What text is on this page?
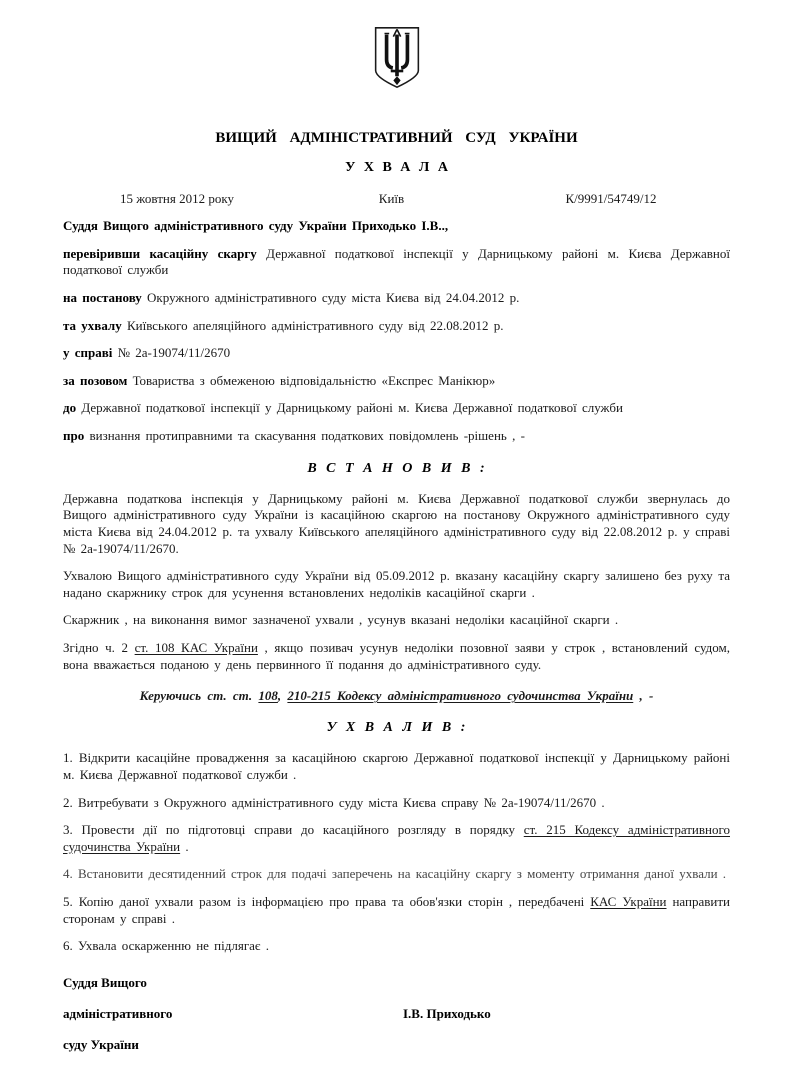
ВИЩИЙ АДМІНІСТРАТИВНИЙ СУД УКРАЇНИ
У Х В А Л А
15 жовтня 2012 року	Київ	К/9991/54749/12

Суддя Вищого адміністративного суду України Приходько І.В..,

перевіривши касаційну скаргу Державної податкової інспекції у Дарницькому районі м. Києва Державної податкової служби

на постанову Окружного адміністративного суду міста Києва від 24.04.2012 р.

та ухвалу Київського апеляційного адміністративного суду від 22.08.2012 р.

у справі № 2а-19074/11/2670

за позовом Товариства з обмеженою відповідальністю «Експрес Манікюр»

до Державної податкової інспекції у Дарницькому районі м. Києва Державної податкової служби

про визнання протиправними та скасування податкових повідомлень -рішень , -

В С Т А Н О В И В :

Державна податкова інспекція у Дарницькому районі м. Києва Державної податкової служби звернулась до Вищого адміністративного суду України із касаційною скаргою на постанову Окружного адміністративного суду міста Києва від 24.04.2012 р. та ухвалу Київського апеляційного адміністративного суду від 22.08.2012 р. у справі № 2а-19074/11/2670.

Ухвалою Вищого адміністративного суду України від 05.09.2012 р. вказану касаційну скаргу залишено без руху та надано скаржнику строк для усунення встановлених недоліків касаційної скарги .

Скаржник , на виконання вимог зазначеної ухвали , усунув вказані недоліки касаційної скарги .

Згідно ч. 2 ст. 108 КАС України , якщо позивач усунув недоліки позовної заяви у строк , встановлений судом, вона вважається поданою у день первинного її подання до адміністративного суду.

Керуючись ст. ст. 108, 210-215 Кодексу адміністративного судочинства України , -

У Х В А Л И В :

1. Відкрити касаційне провадження за касаційною скаргою Державної податкової інспекції у Дарницькому районі м. Києва Державної податкової служби .

2. Витребувати з Окружного адміністративного суду міста Києва справу № 2а-19074/11/2670 .

3. Провести дії по підготовці справи до касаційного розгляду в порядку ст. 215 Кодексу адміністративного судочинства України .

4. Встановити десятиденний строк для подачі заперечень на касаційну скаргу з моменту отримання даної ухвали .

5. Копію даної ухвали разом із інформацією про права та обов'язки сторін , передбачені КАС України направити сторонам у справі .

6. Ухвала оскарженню не підлягає .

Суддя Вищого
адміністративного	І.В. Приходько
суду України
